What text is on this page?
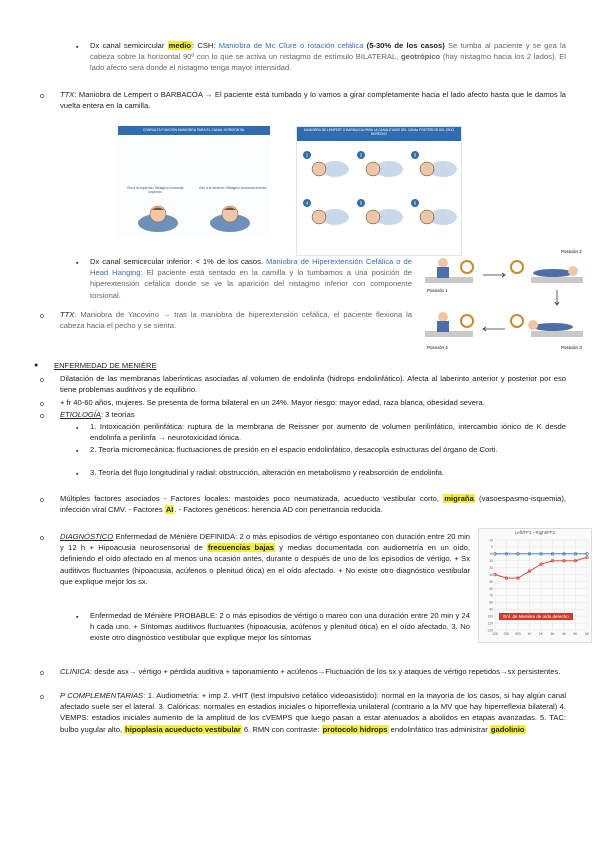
▪ Dx canal semicircular medio: CSH: Maniobra de Mc Clure o rotación cefálica (5-30% de los casos) Se tumba al paciente y se gira la cabeza sobre la horizontal 90º con lo que se activa un nistagmo de estímulo BILATERAL, geotrópico (hay nistagmo hacia los 2 lados). El lado afecto será donde el nistagmo tenga mayor intensidad.
o TTX: Maniobra de Lempert o BARBACOA → El paciente está tumbado y lo vamos a girar completamente hacia el lado afecto hasta que le damos la vuelta entera en la camilla.
CONSULTA FUNCIÓN MANIOBRA PARA EL CANAL HORIZONTAL
Giro a la izquierda / Nistagmo horizontal izquierdo
Giro a la derecha / Nistagmo horizontal derecho
MANIOBRA DE LEMPERT O BARBACOA PARA LA CANALITIASIS DEL CANAL POSTERIOR DEL OÍDO DERECHO
1	2	3
4	5	6
Posición 1
Posición 2
Posición 3
Posición 4
▪ Dx canal semicircular inferior: < 1% de los casos. Maniobra de Hiperextensión Cefálica o de Head Hanging: El paciente está sentado en la camilla y lo tumbamos a una posición de hiperextensión cefálica donde se ve la aparición del nistagmo inferior con componente torsional.
o TTX: Maniobra de Yacovino → tras la maniobra de hiperextensión cefálica, el paciente flexiona la cabeza hacia el pecho y se sienta.
● ENFERMEDAD DE MENIÈRE
o Dilatación de las membranas laberínticas asociadas al volumen de endolinfa (hidrops endolinfático). Afecta al laberinto anterior y posterior por eso tiene problemas auditivos y de equilibrio.
o + fr 40-60 años, mujeres. Se presenta de forma bilateral en un 24%. Mayor riesgo: mayor edad, raza blanca, obesidad severa.
o ETIOLOGÍA: 3 teorías
▪ 1. Intoxicación perilinfática: ruptura de la membrana de Reissner por aumento de volumen perilinfático, intercambio iónico de K desde endolinfa a perilinfa → neurotoxicidad iónica.
▪ 2. Teoría micromecánica: fluctuaciones de presión en el espacio endolinfático, desacopla estructuras del órgano de Corti.
▪ 3. Teoría del flujo longitudinal y radial: obstrucción, alteración en metabolismo y reabsorción de endolinfa.
o Múltiples factores asociados - Factores locales: mastoides poco neumatizada, acueducto vestibular corto, migraña (vasoespasmo-isquemia), infección viral CMV. - Factores AI. - Factores genéticos: herencia AD con penetrancia reducida.
o DIAGNÓSTICO Enfermedad de Ménière DEFINIDA: 2 o más episodios de vértigo espontaneo con duración entre 20 min y 12 h + Hipoacusia neurosensorial de frecuencias bajas y medias documentada con audiometría en un oído, definiendo el oído afectado en al menos una ocasión antes, durante o después de uno de los episodios de vértigo. + Sx auditivos fluctuantes (hipoacusia, acúfenos o plenitud ótica) en el oído afectado. + No existe otro diagnóstico vestibular que explique mejor los sx.
Left/FF1 - Right/FF1
-10
0
10
20
30
40
50
60
70
80
90
100
110
120
125 250 500 1K 2K 3K 4K 6K 8K
Enf. de Menière de oído derecho
▪ Enfermedad de Ménière PROBABLE: 2 o más episodios de vértigo o mareo con una duración entre 20 min y 24 h cada uno. + Síntomas auditivos fluctuantes (hipoacusia, acúfenos y plenitud ótica) en el oído afectado. 3. No existe otro diagnóstico vestibular que explique mejor los síntomas
o CLINICA: desde asx→ vértigo + pérdida auditiva + taponamiento + acúfenos→Fluctuación de los sx y ataques de vértigo repetidos→sx persistentes.
o P COMPLEMENTARIAS: 1. Audiometría: + imp 2. vHIT (test impulsivo cefálico videoasistido): normal en la mayoría de los casos, si hay algún canal afectado suele ser el lateral. 3. Calóricas: normales en estadios iniciales o hiporreflexia unilateral (contrario a la MV que hay hiperreflexia bilateral) 4. VEMPS: estadios iniciales aumento de la amplitud de los cVEMPS que luego pasan a estar atenuados a abolidos en etapas avanzadas. 5. TAC: bulbo yugular alto, hipoplasia acueducto vestibular 6. RMN con contraste: protocolo hidrops endolinfático tras administrar gadolinio
